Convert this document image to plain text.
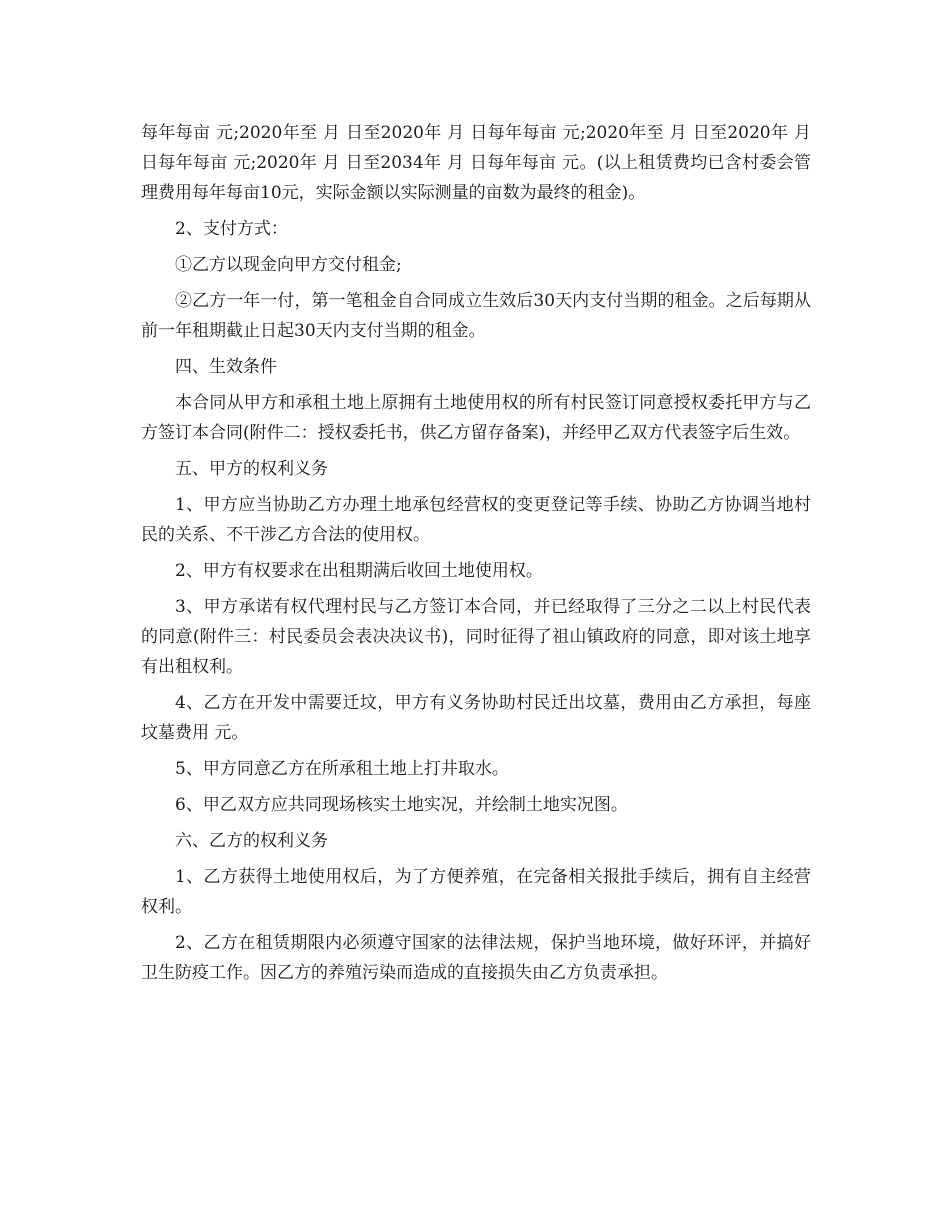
每年每亩 元;2020年至 月 日至2020年 月 日每年每亩 元;2020年至 月 日至2020年 月 日每年每亩 元;2020年 月 日至2034年 月 日每年每亩 元。(以上租赁费均已含村委会管理费用每年每亩10元，实际金额以实际测量的亩数为最终的租金)。

2、支付方式：

①乙方以现金向甲方交付租金;

②乙方一年一付，第一笔租金自合同成立生效后30天内支付当期的租金。之后每期从前一年租期截止日起30天内支付当期的租金。

四、生效条件

本合同从甲方和承租土地上原拥有土地使用权的所有村民签订同意授权委托甲方与乙方签订本合同(附件二：授权委托书，供乙方留存备案)，并经甲乙双方代表签字后生效。

五、甲方的权利义务

1、甲方应当协助乙方办理土地承包经营权的变更登记等手续、协助乙方协调当地村民的关系、不干涉乙方合法的使用权。

2、甲方有权要求在出租期满后收回土地使用权。

3、甲方承诺有权代理村民与乙方签订本合同，并已经取得了三分之二以上村民代表的同意(附件三：村民委员会表决决议书)，同时征得了祖山镇政府的同意，即对该土地享有出租权利。

4、乙方在开发中需要迁坟，甲方有义务协助村民迁出坟墓，费用由乙方承担，每座坟墓费用 元。

5、甲方同意乙方在所承租土地上打井取水。

6、甲乙双方应共同现场核实土地实况，并绘制土地实况图。

六、乙方的权利义务

1、乙方获得土地使用权后，为了方便养殖，在完备相关报批手续后，拥有自主经营权利。

2、乙方在租赁期限内必须遵守国家的法律法规，保护当地环境，做好环评，并搞好卫生防疫工作。因乙方的养殖污染而造成的直接损失由乙方负责承担。
